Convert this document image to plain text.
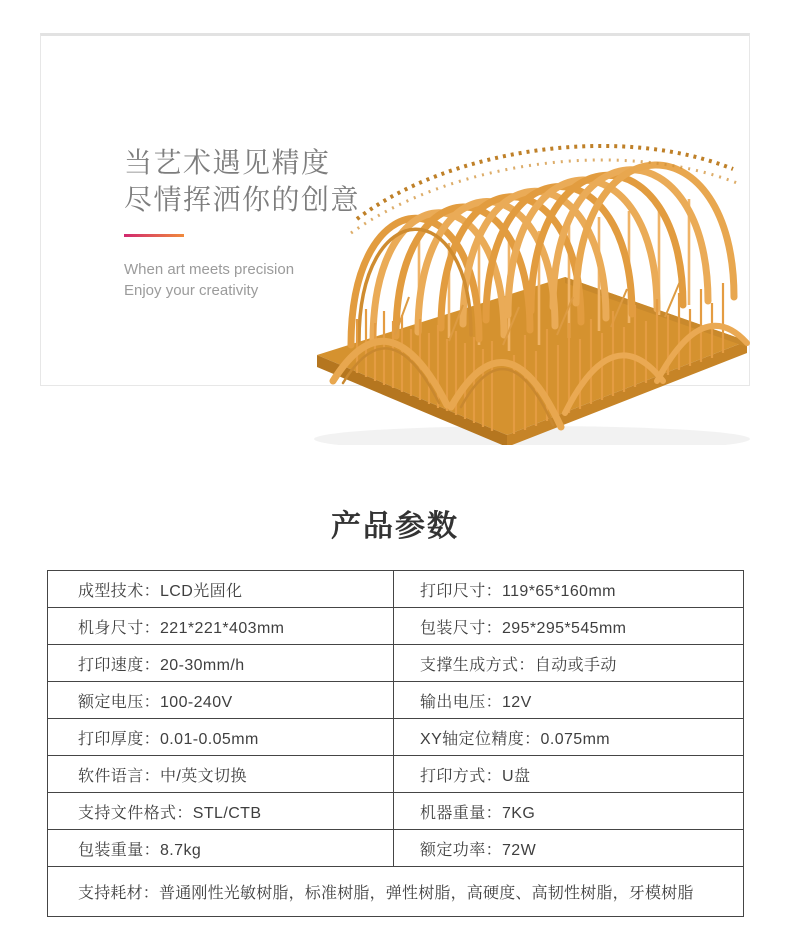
当艺术遇见精度
尽情挥洒你的创意

When art meets precision
Enjoy your creativity

产品参数
成型技术：LCD光固化	打印尺寸：119*65*160mm
机身尺寸：221*221*403mm	包装尺寸：295*295*545mm
打印速度：20-30mm/h	支撑生成方式：自动或手动
额定电压：100-240V	输出电压：12V
打印厚度：0.01-0.05mm	XY轴定位精度：0.075mm
软件语言：中/英文切换	打印方式：U盘
支持文件格式：STL/CTB	机器重量：7KG
包装重量：8.7kg	额定功率：72W
支持耗材：普通刚性光敏树脂，标准树脂，弹性树脂，高硬度、高韧性树脂，牙模树脂	
